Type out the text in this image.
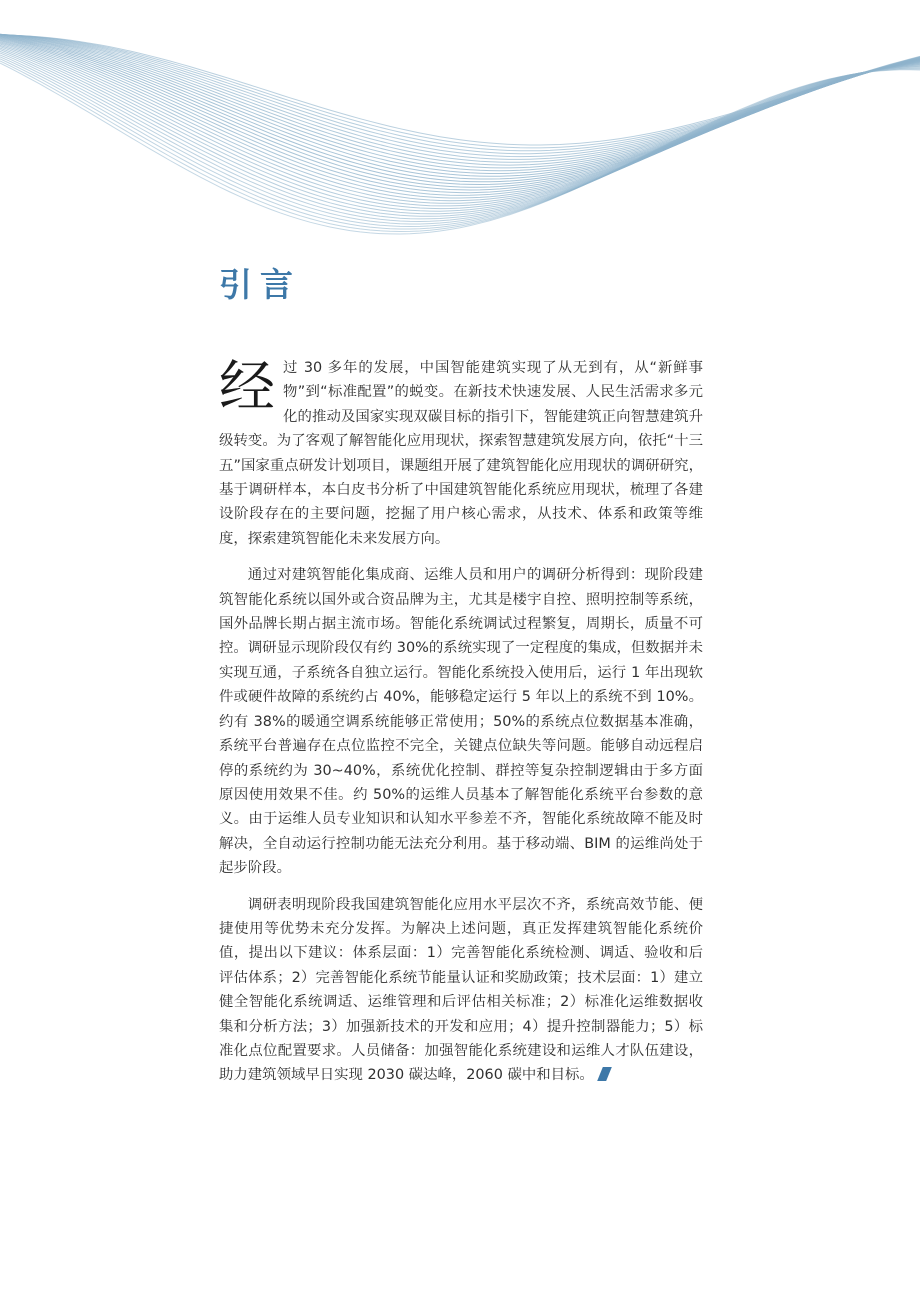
引言

经过 30 多年的发展，中国智能建筑实现了从无到有，从“新鲜事物”到“标准配置”的蜕变。在新技术快速发展、人民生活需求多元化的推动及国家实现双碳目标的指引下，智能建筑正向智慧建筑升级转变。为了客观了解智能化应用现状，探索智慧建筑发展方向，依托“十三五”国家重点研发计划项目，课题组开展了建筑智能化应用现状的调研研究，基于调研样本，本白皮书分析了中国建筑智能化系统应用现状，梳理了各建设阶段存在的主要问题，挖掘了用户核心需求，从技术、体系和政策等维度，探索建筑智能化未来发展方向。

通过对建筑智能化集成商、运维人员和用户的调研分析得到：现阶段建筑智能化系统以国外或合资品牌为主，尤其是楼宇自控、照明控制等系统，国外品牌长期占据主流市场。智能化系统调试过程繁复，周期长，质量不可控。调研显示现阶段仅有约 30%的系统实现了一定程度的集成，但数据并未实现互通，子系统各自独立运行。智能化系统投入使用后，运行 1 年出现软件或硬件故障的系统约占 40%，能够稳定运行 5 年以上的系统不到 10%。约有 38%的暖通空调系统能够正常使用；50%的系统点位数据基本准确，系统平台普遍存在点位监控不完全，关键点位缺失等问题。能够自动远程启停的系统约为 30~40%，系统优化控制、群控等复杂控制逻辑由于多方面原因使用效果不佳。约 50%的运维人员基本了解智能化系统平台参数的意义。由于运维人员专业知识和认知水平参差不齐，智能化系统故障不能及时解决，全自动运行控制功能无法充分利用。基于移动端、BIM 的运维尚处于起步阶段。

调研表明现阶段我国建筑智能化应用水平层次不齐，系统高效节能、便捷使用等优势未充分发挥。为解决上述问题，真正发挥建筑智能化系统价值，提出以下建议：体系层面：1）完善智能化系统检测、调适、验收和后评估体系；2）完善智能化系统节能量认证和奖励政策；技术层面：1）建立健全智能化系统调适、运维管理和后评估相关标准；2）标准化运维数据收集和分析方法；3）加强新技术的开发和应用；4）提升控制器能力；5）标准化点位配置要求。人员储备：加强智能化系统建设和运维人才队伍建设，助力建筑领域早日实现 2030 碳达峰，2060 碳中和目标。
